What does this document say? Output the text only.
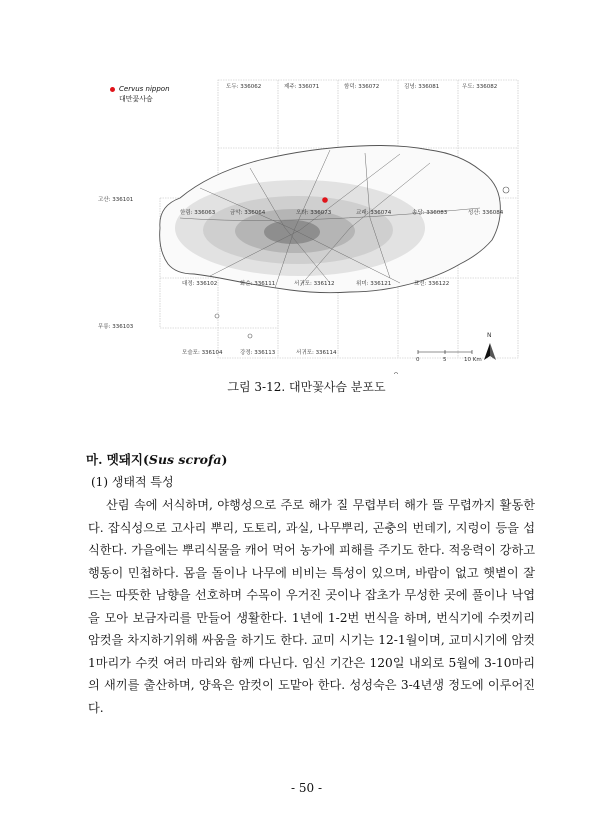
Cervus nippon
대만꽃사슴
도두: 336062	제주: 336071	함덕: 336072	김녕: 336081	우도: 336082
고산: 336101
한림: 336063	금악: 336064	오라: 336073	교래: 336074	송당: 336083	성산: 336084
대정: 336102	화순: 336111	서귀포: 336112	위미: 336121	표선: 336122
무릉: 336103
모슬포: 336104	강정: 336113	서귀포: 336114
0	5	10 Km
N
그림 3-12. 대만꽃사슴 분포도
마. 멧돼지(Sus scrofa)
(1) 생태적 특성
산림 속에 서식하며, 야행성으로 주로 해가 질 무렵부터 해가 뜰 무렵까지 활동한다. 잡식성으로 고사리 뿌리, 도토리, 과실, 나무뿌리, 곤충의 번데기, 지렁이 등을 섭식한다. 가을에는 뿌리식물을 캐어 먹어 농가에 피해를 주기도 한다. 적응력이 강하고 행동이 민첩하다. 몸을 돌이나 나무에 비비는 특성이 있으며, 바람이 없고 햇볕이 잘 드는 따뜻한 남향을 선호하며 수목이 우거진 곳이나 잡초가 무성한 곳에 풀이나 낙엽을 모아 보금자리를 만들어 생활한다. 1년에 1-2번 번식을 하며, 번식기에 수컷끼리 암컷을 차지하기위해 싸움을 하기도 한다. 교미 시기는 12-1월이며, 교미시기에 암컷 1마리가 수컷 여러 마리와 함께 다닌다. 임신 기간은 120일 내외로 5월에 3-10마리의 새끼를 출산하며, 양육은 암컷이 도맡아 한다. 성성숙은 3-4년생 정도에 이루어진다.
- 50 -
